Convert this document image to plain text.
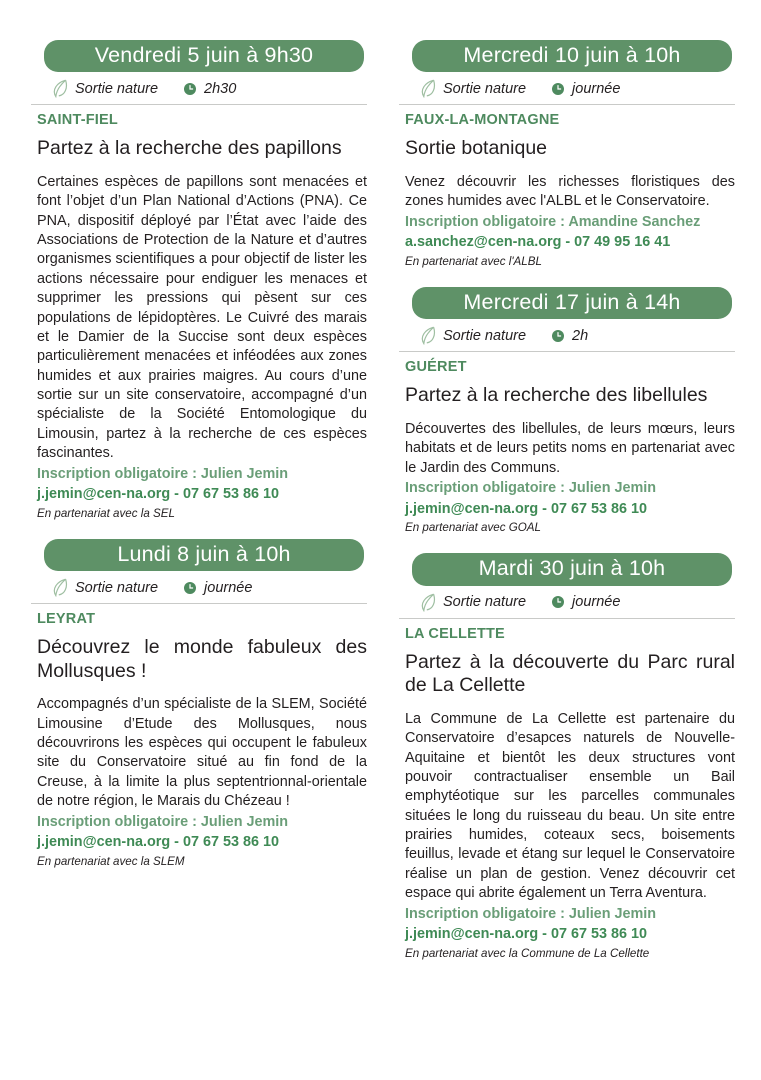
Vendredi 5 juin à 9h30
Sortie nature	2h30
SAINT-FIEL
Partez à la recherche des papillons

Certaines espèces de papillons sont menacées et font l’objet d’un Plan National d’Actions (PNA). Ce PNA, dispositif déployé par l’État avec l’aide des Associations de Protection de la Nature et d’autres organismes scientifiques a pour objectif de lister les actions nécessaire pour endiguer les menaces et supprimer les pressions qui pèsent sur ces populations de lépidoptères. Le Cuivré des marais et le Damier de la Succise sont deux espèces particulièrement menacées et inféodées aux zones humides et aux prairies maigres. Au cours d’une sortie sur un site conservatoire, accompagné d’un spécialiste de la Société Entomologique du Limousin, partez à la recherche de ces espèces fascinantes.

Inscription obligatoire : Julien Jemin
j.jemin@cen-na.org - 07 67 53 86 10
En partenariat avec la SEL
Lundi 8 juin à 10h
Sortie nature	journée
LEYRAT
Découvrez le monde fabuleux des Mollusques !

Accompagnés d’un spécialiste de la SLEM, Société Limousine d’Etude des Mollusques, nous découvrirons les espèces qui occupent le fabuleux site du Conservatoire situé au fin fond de la Creuse, à la limite la plus septentrionnal-orientale de notre région, le Marais du Chézeau !

Inscription obligatoire : Julien Jemin
j.jemin@cen-na.org - 07 67 53 86 10
En partenariat avec la SLEM
Mercredi 10 juin à 10h
Sortie nature	journée
FAUX-LA-MONTAGNE
Sortie botanique

Venez découvrir les richesses floristiques des zones humides avec l'ALBL et le Conservatoire.

Inscription obligatoire : Amandine Sanchez
a.sanchez@cen-na.org - 07 49 95 16 41
En partenariat avec l'ALBL
Mercredi 17 juin à 14h
Sortie nature	2h
GUÉRET
Partez à la recherche des libellules

Découvertes des libellules, de leurs mœurs, leurs habitats et de leurs petits noms en partenariat avec le Jardin des Communs.

Inscription obligatoire : Julien Jemin
j.jemin@cen-na.org - 07 67 53 86 10
En partenariat avec GOAL
Mardi 30 juin à 10h
Sortie nature	journée
LA CELLETTE
Partez à la découverte du Parc rural de La Cellette

La Commune de La Cellette est partenaire du Conservatoire d’esapces naturels de Nouvelle-Aquitaine et bientôt les deux structures vont pouvoir contractualiser ensemble un Bail emphytéotique sur les parcelles communales situées le long du ruisseau du beau. Un site entre prairies humides, coteaux secs, boisements feuillus, levade et étang sur lequel le Conservatoire réalise un plan de gestion. Venez découvrir cet espace qui abrite également un Terra Aventura.

Inscription obligatoire : Julien Jemin
j.jemin@cen-na.org - 07 67 53 86 10
En partenariat avec la Commune de La Cellette
